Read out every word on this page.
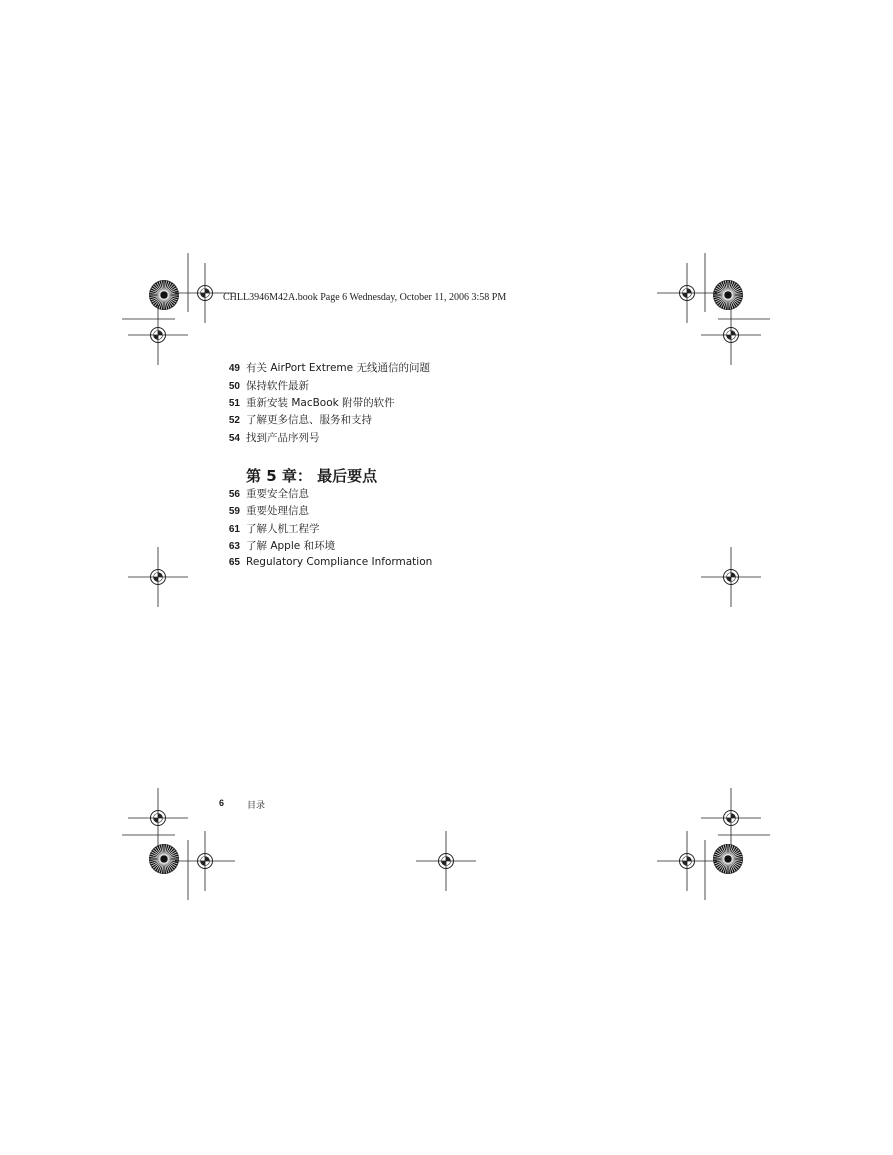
CHLL3946M42A.book Page 6 Wednesday, October 11, 2006 3:58 PM
49 有关 AirPort Extreme 无线通信的问题
50 保持软件最新
51 重新安装 MacBook 附带的软件
52 了解更多信息、服务和支持
54 找到产品序列号
第 5 章： 最后要点
56 重要安全信息
59 重要处理信息
61 了解人机工程学
63 了解 Apple 和环境
65 Regulatory Compliance Information
6	目录
